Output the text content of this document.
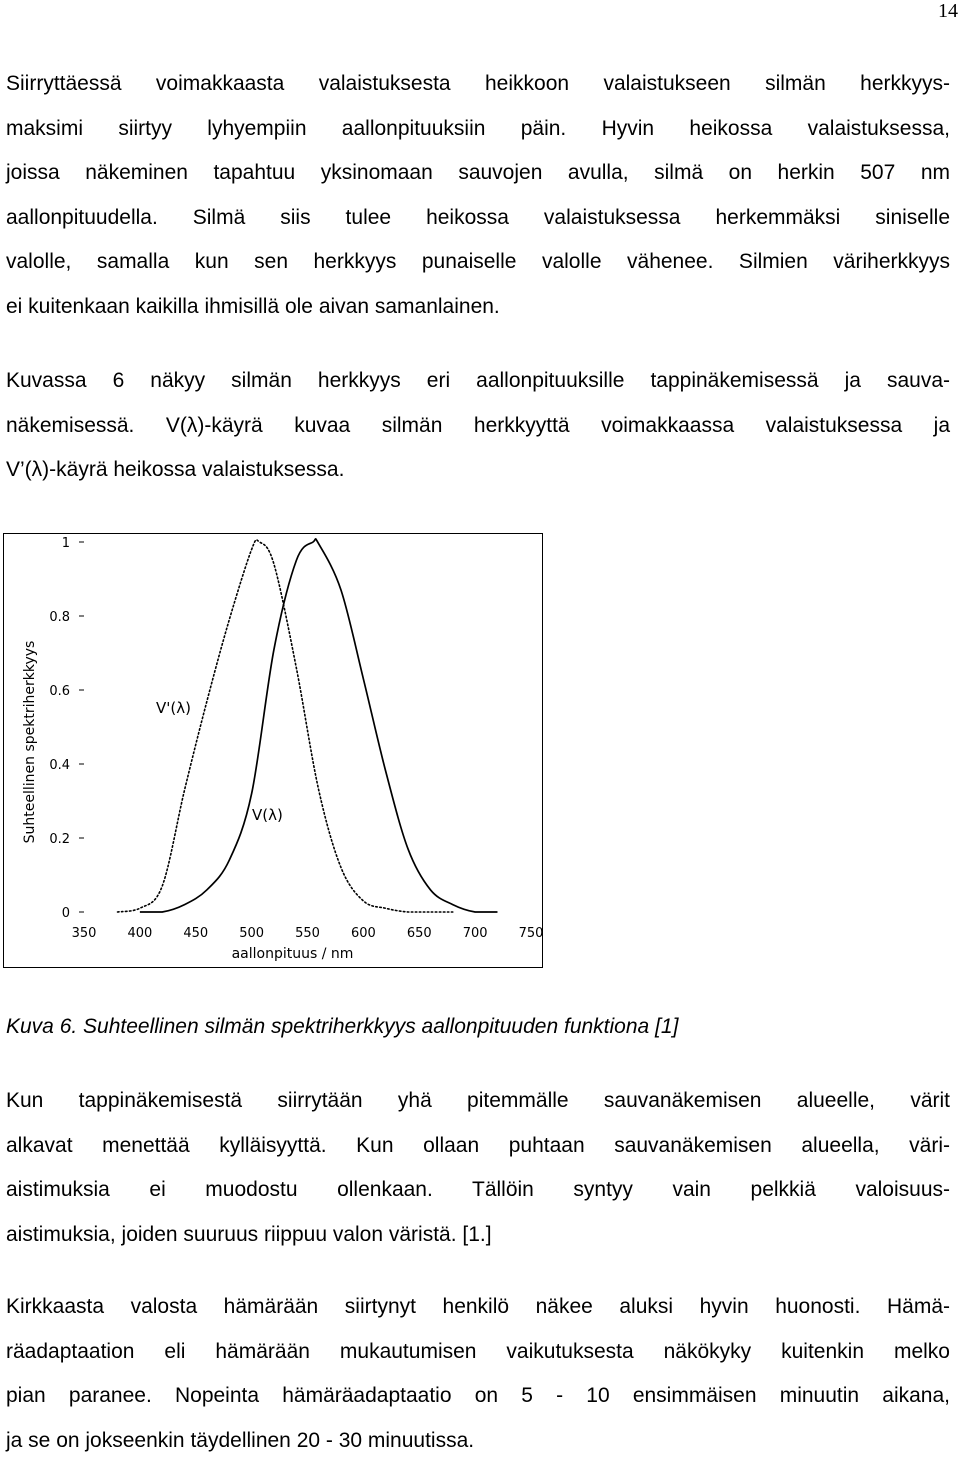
14

Siirryttäessä voimakkaasta valaistuksesta heikkoon valaistukseen silmän herkkyys-
maksimi siirtyy lyhyempiin aallonpituuksiin päin. Hyvin heikossa valaistuksessa,
joissa näkeminen tapahtuu yksinomaan sauvojen avulla, silmä on herkin 507 nm
aallonpituudella. Silmä siis tulee heikossa valaistuksessa herkemmäksi siniselle
valolle, samalla kun sen herkkyys punaiselle valolle vähenee. Silmien väriherkkyys
ei kuitenkaan kaikilla ihmisillä ole aivan samanlainen.

Kuvassa 6 näkyy silmän herkkyys eri aallonpituuksille tappinäkemisessä ja sauva-
näkemisessä. V(λ)-käyrä kuvaa silmän herkkyyttä voimakkaassa valaistuksessa ja
V’(λ)-käyrä heikossa valaistuksessa.

0
0.2
0.4
0.6
0.8
1
350 400 450 500 550 600 650 700 750
aallonpituus / nm
Suhteellinen spektriherkkyys	V'(λ)
V(λ)

Kuva 6. Suhteellinen silmän spektriherkkyys aallonpituuden funktiona [1]

Kun tappinäkemisestä siirrytään yhä pitemmälle sauvanäkemisen alueelle, värit
alkavat menettää kylläisyyttä. Kun ollaan puhtaan sauvanäkemisen alueella, väri-
aistimuksia ei muodostu ollenkaan. Tällöin syntyy vain pelkkiä valoisuus-
aistimuksia, joiden suuruus riippuu valon väristä. [1.]

Kirkkaasta valosta hämärään siirtynyt henkilö näkee aluksi hyvin huonosti. Hämä-
räadaptaation eli hämärään mukautumisen vaikutuksesta näkökyky kuitenkin melko
pian paranee. Nopeinta hämäräadaptaatio on 5 - 10 ensimmäisen minuutin aikana,
ja se on jokseenkin täydellinen 20 - 30 minuutissa.
